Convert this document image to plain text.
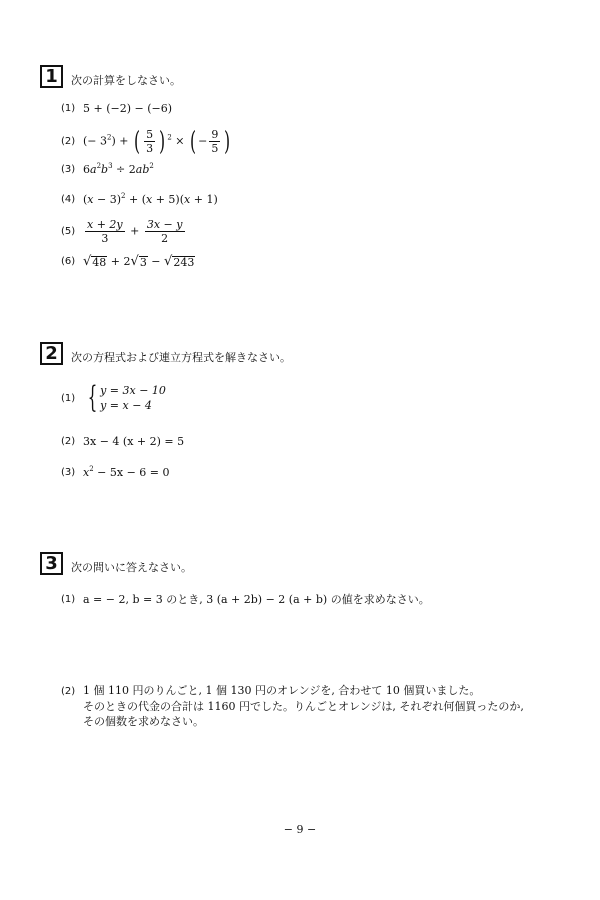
1	次の計算をしなさい。
(1) 5 + (−2) − (−6)
(2) (− $3^2$) + ( $\frac{5}{3}$ ) $^2$ × ( − $\frac{9}{5}$ )
(3) $6a^2b^3 \div 2ab^2$
(4) $(x - 3)^2 + (x + 5)(x + 1)$
$(5) \frac{x + 2y}{3} + \frac{3x - y}{2}$
(6) √ 48 + 2 √ 3 − √ 243
2	次の方程式および連立方程式を解きなさい。
(1) { y = 3x − 10
y = x − 4
(2) 3x − 4 (x + 2) = 5
(3) $x^2 - 5x - 6 = 0$
3	次の問いに答えなさい。
(1) a = − 2, b = 3 のとき, 3 (a + 2b) − 2 (a + b) の値を求めなさい。
(2) 1 個 110 円のりんごと, 1 個 130 円のオレンジを, 合わせて 10 個買いました。
そのときの代金の合計は 1160 円でした。りんごとオレンジは, それぞれ何個買ったのか,
その個数を求めなさい。
− 9 −
